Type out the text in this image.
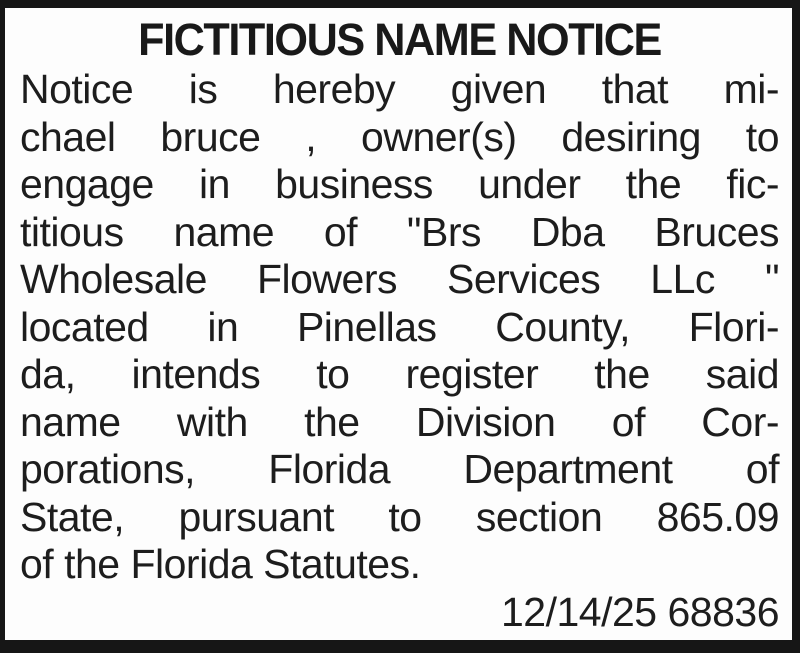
FICTITIOUS NAME NOTICE
Notice is hereby given that mi-
chael bruce , owner(s) desiring to
engage in business under the fic-
titious name of "Brs Dba Bruces
Wholesale Flowers Services LLc "
located in Pinellas County, Flori-
da, intends to register the said
name with the Division of Cor-
porations, Florida Department of
State, pursuant to section 865.09
of the Florida Statutes.
12/14/25 68836
